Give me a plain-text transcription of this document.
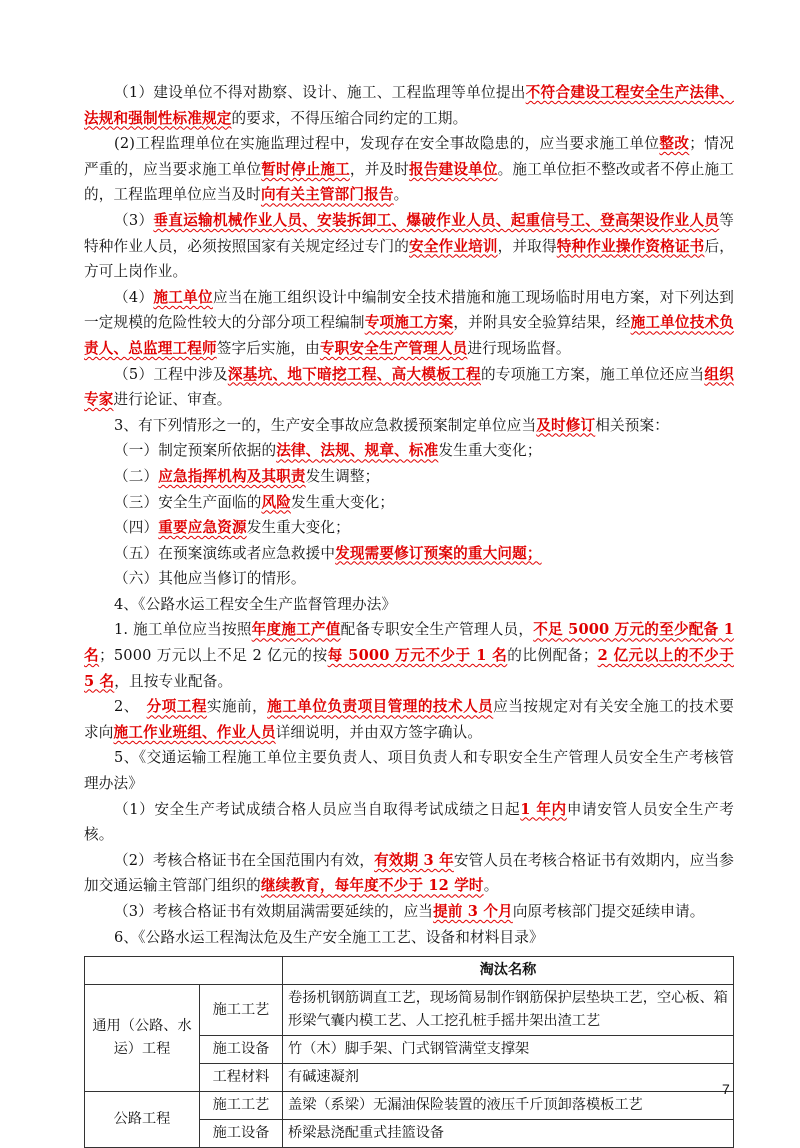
（1）建设单位不得对勘察、设计、施工、工程监理等单位提出不符合建设工程安全生产法律、法规和强制性标准规定的要求，不得压缩合同约定的工期。

(2)工程监理单位在实施监理过程中，发现存在安全事故隐患的，应当要求施工单位整改；情况严重的，应当要求施工单位暂时停止施工，并及时报告建设单位。施工单位拒不整改或者不停止施工的，工程监理单位应当及时向有关主管部门报告。

（3）垂直运输机械作业人员、安装拆卸工、爆破作业人员、起重信号工、登高架设作业人员等特种作业人员，必须按照国家有关规定经过专门的安全作业培训，并取得特种作业操作资格证书后，方可上岗作业。

（4）施工单位应当在施工组织设计中编制安全技术措施和施工现场临时用电方案，对下列达到一定规模的危险性较大的分部分项工程编制专项施工方案，并附具安全验算结果，经施工单位技术负责人、总监理工程师签字后实施，由专职安全生产管理人员进行现场监督。

（5）工程中涉及深基坑、地下暗挖工程、高大模板工程的专项施工方案，施工单位还应当组织专家进行论证、审查。

3、有下列情形之一的，生产安全事故应急救援预案制定单位应当及时修订相关预案：

（一）制定预案所依据的法律、法规、规章、标准发生重大变化；

（二）应急指挥机构及其职责发生调整；

（三）安全生产面临的风险发生重大变化；

（四）重要应急资源发生重大变化；

（五）在预案演练或者应急救援中发现需要修订预案的重大问题；

（六）其他应当修订的情形。

4、《公路水运工程安全生产监督管理办法》

1. 施工单位应当按照年度施工产值配备专职安全生产管理人员，不足 5000 万元的至少配备 1 名；5000 万元以上不足 2 亿元的按每 5000 万元不少于 1 名的比例配备；2 亿元以上的不少于 5 名，且按专业配备。

2、　分项工程实施前，施工单位负责项目管理的技术人员应当按规定对有关安全施工的技术要求向施工作业班组、作业人员详细说明，并由双方签字确认。

5、《交通运输工程施工单位主要负责人、项目负责人和专职安全生产管理人员安全生产考核管理办法》

（1）安全生产考试成绩合格人员应当自取得考试成绩之日起1 年内申请安管人员安全生产考核。

（2）考核合格证书在全国范围内有效，有效期 3 年安管人员在考核合格证书有效期内，应当参加交通运输主管部门组织的继续教育，每年度不少于 12 学时。

（3）考核合格证书有效期届满需要延续的，应当提前 3 个月向原考核部门提交延续申请。

6、《公路水运工程淘汰危及生产安全施工工艺、设备和材料目录》

		淘汰名称
通用（公路、水运）工程	施工工艺	卷扬机钢筋调直工艺，现场简易制作钢筋保护层垫块工艺，空心板、箱形梁气囊内模工艺、人工挖孔桩手摇井架出渣工艺
	施工设备	竹（木）脚手架、门式钢管满堂支撑架
	工程材料	有碱速凝剂
公路工程	施工工艺	盖梁（系梁）无漏油保险装置的液压千斤顶卸落模板工艺
	施工设备	桥梁悬浇配重式挂篮设备
7
